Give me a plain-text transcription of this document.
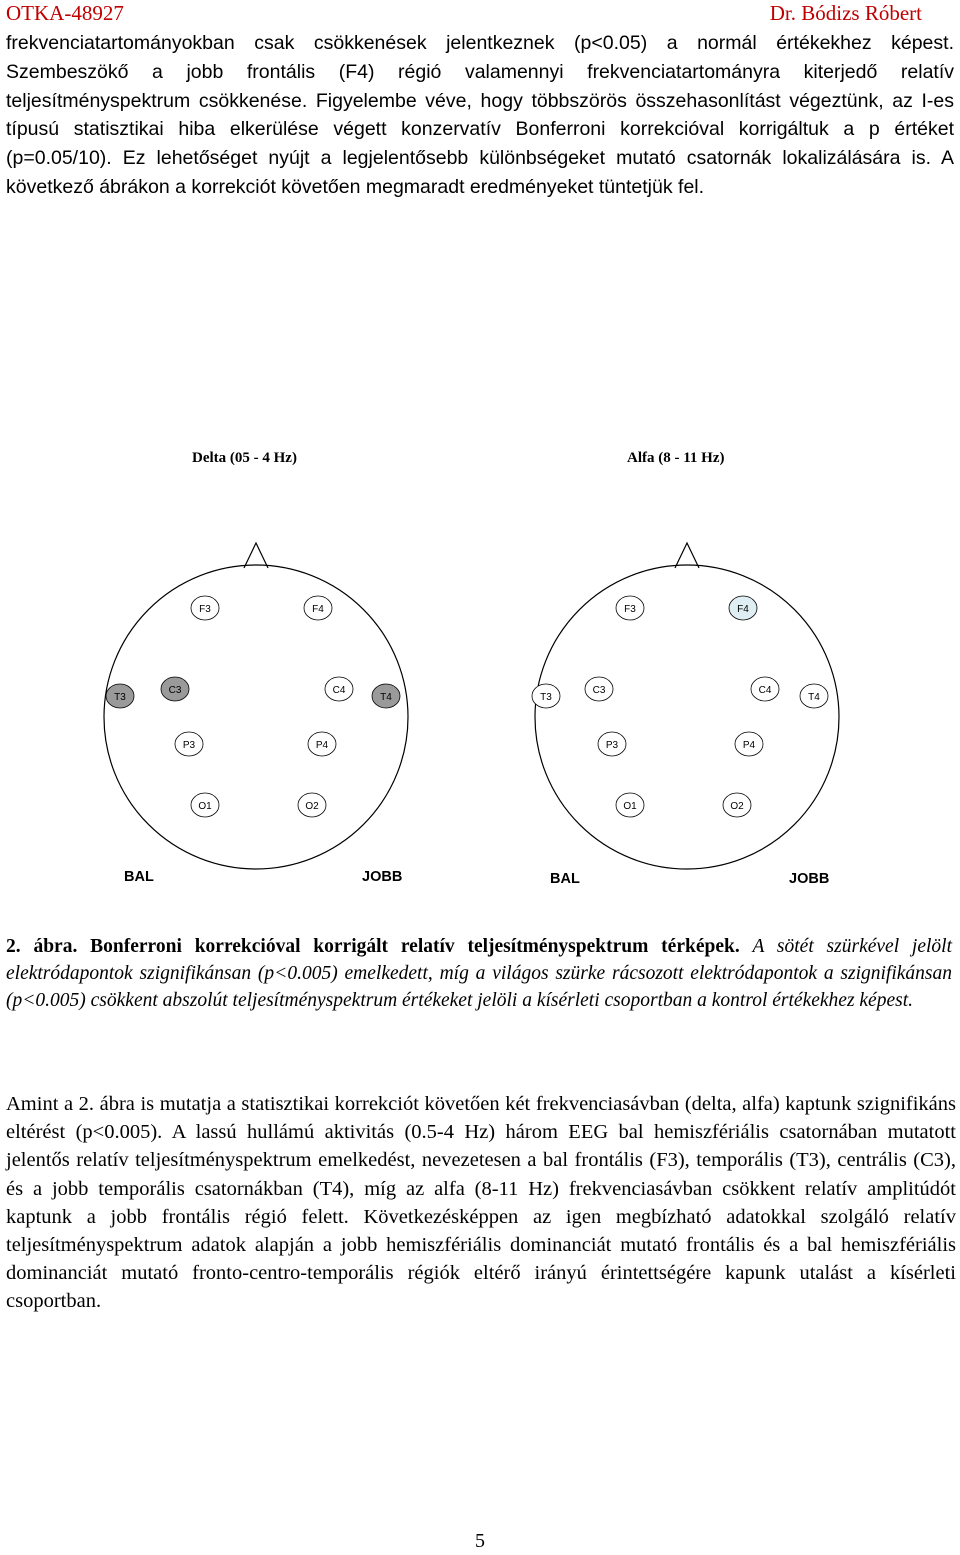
OTKA-48927	Dr. Bódizs Róbert
frekvenciatartományokban csak csökkenések jelentkeznek (p<0.05) a normál értékekhez képest. Szembeszökő a jobb frontális (F4) régió valamennyi frekvenciatartományra kiterjedő relatív teljesítményspektrum csökkenése. Figyelembe véve, hogy többszörös összehasonlítást végeztünk, az I-es típusú statisztikai hiba elkerülése végett konzervatív Bonferroni korrekcióval korrigáltuk a p értéket (p=0.05/10). Ez lehetőséget nyújt a legjelentősebb különbségeket mutató csatornák lokalizálására is. A következő ábrákon a korrekciót követően megmaradt eredményeket tüntetjük fel.
Delta (05 - 4 Hz)	Alfa (8 - 11 Hz)
F3	F4
T3
C3	C4
T4
P3	P4
O1	O2
F3	F4
T3
C3	C4
T4
P3	P4
O1	O2
BAL	JOBB	BAL	JOBB
2. ábra. Bonferroni korrekcióval korrigált relatív teljesítményspektrum térképek. A sötét szürkével jelölt elektródapontok szignifikánsan (p<0.005) emelkedett, míg a világos szürke rácsozott elektródapontok a szignifikánsan (p<0.005) csökkent abszolút teljesítményspektrum értékeket jelöli a kísérleti csoportban a kontrol értékekhez képest.
Amint a 2. ábra is mutatja a statisztikai korrekciót követően két frekvenciasávban (delta, alfa) kaptunk szignifikáns eltérést (p<0.005). A lassú hullámú aktivitás (0.5-4 Hz) három EEG bal hemiszfériális csatornában mutatott jelentős relatív teljesítményspektrum emelkedést, nevezetesen a bal frontális (F3), temporális (T3), centrális (C3), és a jobb temporális csatornákban (T4), míg az alfa (8-11 Hz) frekvenciasávban csökkent relatív amplitúdót kaptunk a jobb frontális régió felett. Következésképpen az igen megbízható adatokkal szolgáló relatív teljesítményspektrum adatok alapján a jobb hemiszfériális dominanciát mutató frontális és a bal hemiszfériális dominanciát mutató fronto-centro-temporális régiók eltérő irányú érintettségére kapunk utalást a kísérleti csoportban.
5
